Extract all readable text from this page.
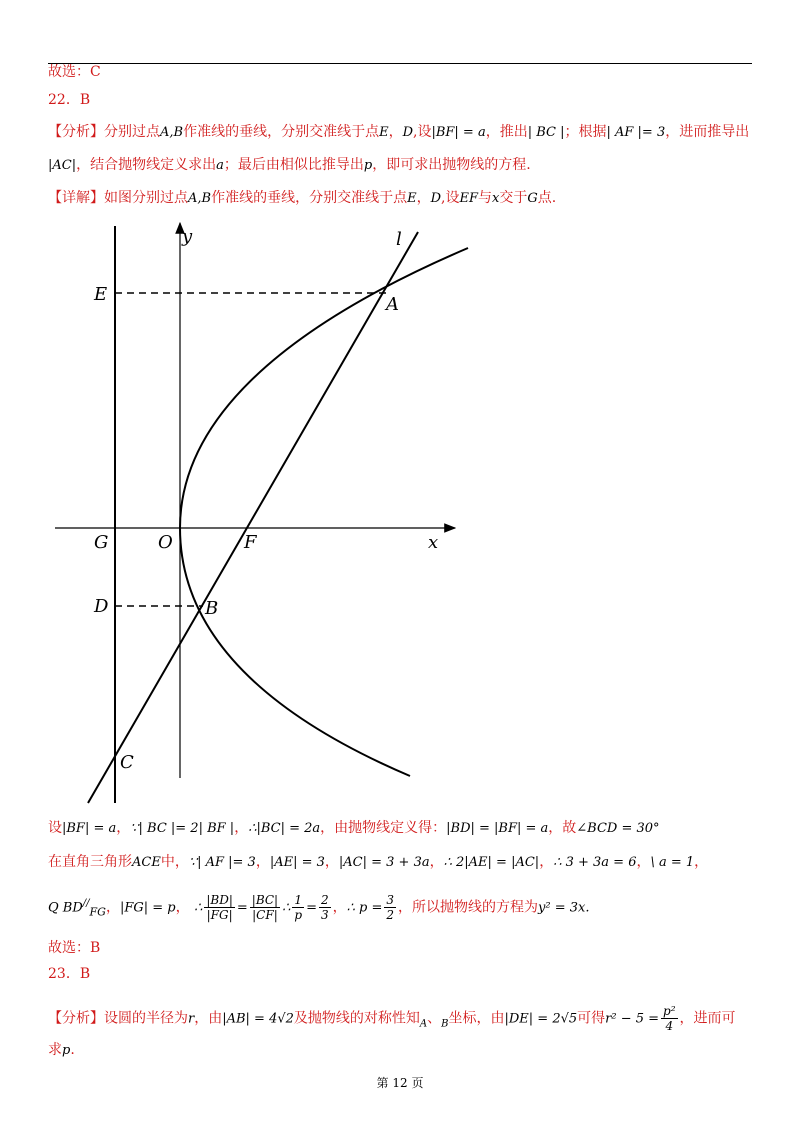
故选：C
22．B
【分析】分别过点A,B作准线的垂线，分别交准线于点E，D,设|BF| = a，推出| BC |；根据| AF |= 3，进而推导出
|AC|，结合抛物线定义求出a；最后由相似比推导出p，即可求出抛物线的方程.
【详解】如图分别过点A,B作准线的垂线，分别交准线于点E，D,设EF与x交于G点.
y	l
E	A
G	O	F	x
D	B
C
设|BF| = a，∵| BC |= 2| BF |，∴|BC| = 2a，由抛物线定义得：|BD| = |BF| = a，故∠BCD = 30°
在直角三角形ACE中，∵| AF |= 3，|AE| = 3，|AC| = 3 + 3a，∴ 2|AE| = |AC|，∴ 3 + 3a = 6，\ a = 1，
Q $BD^{//}_{FG}$，|FG| = p， ∴ $\frac{|BD|}{|FG|} = \frac{|BC|}{|CF|}$ ∴ $\frac{1}{p} = \frac{2}{3}$ ，∴ $p = \frac{3}{2}$ ，所以抛物线的方程为y² = 3x.
故选：B
23．B
【分析】设圆的半径为r，由|AB| = 4√2及抛物线的对称性知$_A$、$_B$坐标，由|DE| = 2√5可得$r^2 - 5 = \frac{\text{p²}}{4}$ ，进而可
求p.
第 12 页
